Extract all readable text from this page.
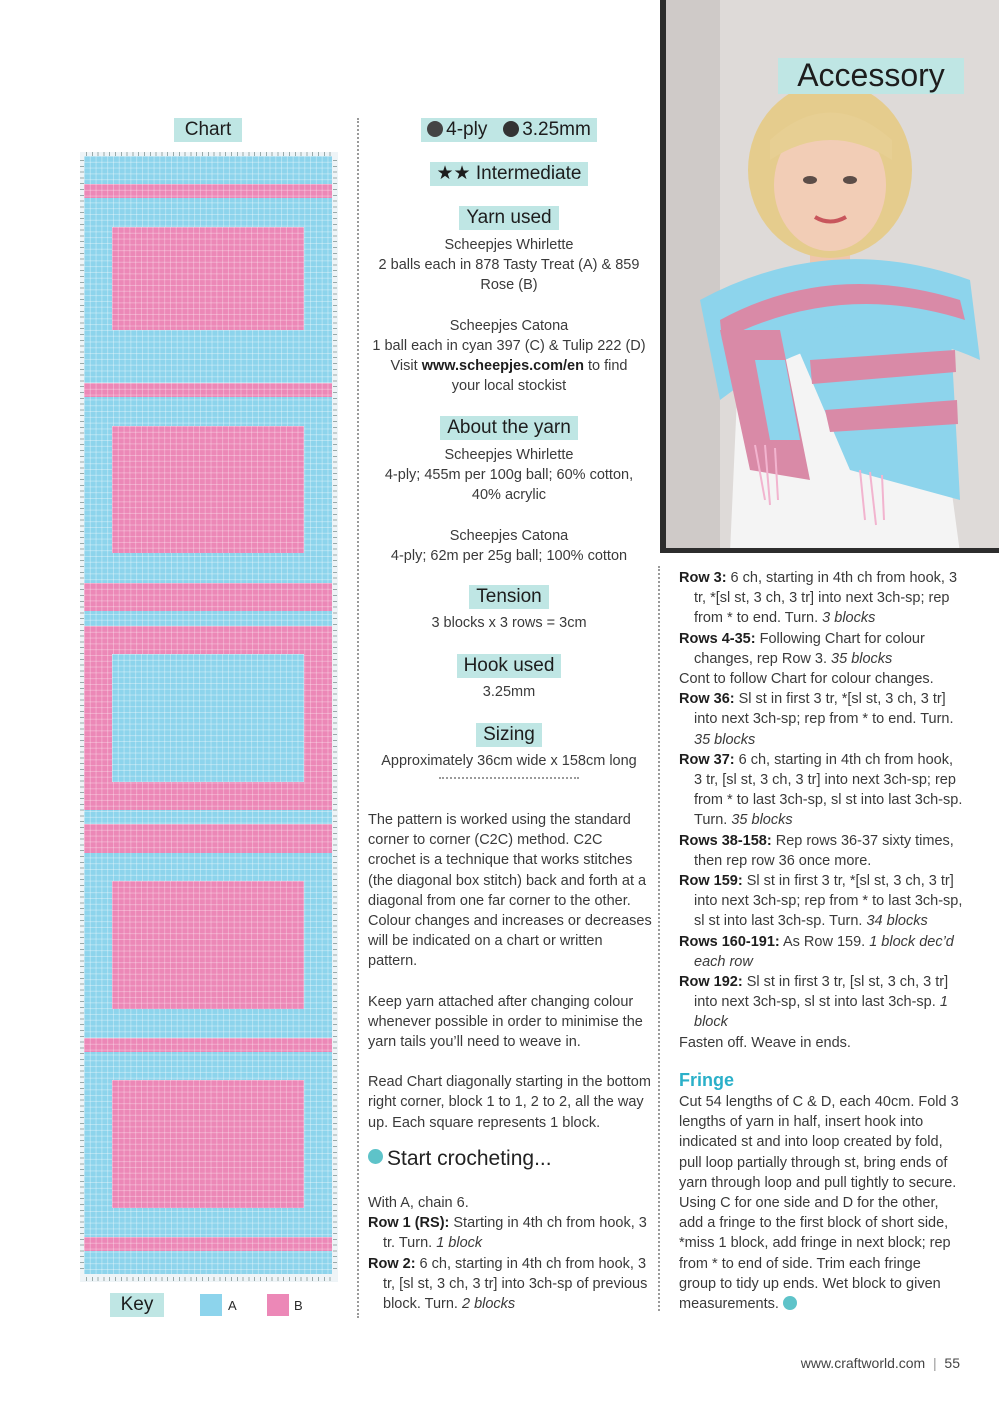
Chart
Key	A	B
4-ply 3.25mm
★★ Intermediate
Yarn used
Scheepjes Whirlette
2 balls each in 878 Tasty Treat (A) & 859
Rose (B)
Scheepjes Catona
1 ball each in cyan 397 (C) & Tulip 222 (D)
Visit www.scheepjes.com/en to find
your local stockist
About the yarn
Scheepjes Whirlette
4-ply; 455m per 100g ball; 60% cotton,
40% acrylic
Scheepjes Catona
4-ply; 62m per 25g ball; 100% cotton
Tension
3 blocks x 3 rows = 3cm
Hook used
3.25mm
Sizing
Approximately 36cm wide x 158cm long

The pattern is worked using the standard corner to corner (C2C) method. C2C crochet is a technique that works stitches (the diagonal box stitch) back and forth at a diagonal from one far corner to the other. Colour changes and increases or decreases will be indicated on a chart or written pattern.

Keep yarn attached after changing colour whenever possible in order to minimise the yarn tails you’ll need to weave in.

Read Chart diagonally starting in the bottom right corner, block 1 to 1, 2 to 2, all the way up. Each square represents 1 block.

Start crocheting...
With A, chain 6.
Row 1 (RS): Starting in 4th ch from hook, 3 tr. Turn. 1 block
Row 2: 6 ch, starting in 4th ch from hook, 3 tr, [sl st, 3 ch, 3 tr] into 3ch-sp of previous block. Turn. 2 blocks
Accessory
Row 3: 6 ch, starting in 4th ch from hook, 3 tr, *[sl st, 3 ch, 3 tr] into next 3ch-sp; rep from * to end. Turn. 3 blocks
Rows 4-35: Following Chart for colour changes, rep Row 3. 35 blocks
Cont to follow Chart for colour changes.
Row 36: Sl st in first 3 tr, *[sl st, 3 ch, 3 tr] into next 3ch-sp; rep from * to end. Turn. 35 blocks
Row 37: 6 ch, starting in 4th ch from hook, 3 tr, [sl st, 3 ch, 3 tr] into next 3ch-sp; rep from * to last 3ch-sp, sl st into last 3ch-sp. Turn. 35 blocks
Rows 38-158: Rep rows 36-37 sixty times, then rep row 36 once more.
Row 159: Sl st in first 3 tr, *[sl st, 3 ch, 3 tr] into next 3ch-sp; rep from * to last 3ch-sp, sl st into last 3ch-sp. Turn. 34 blocks
Rows 160-191: As Row 159. 1 block dec’d each row
Row 192: Sl st in first 3 tr, [sl st, 3 ch, 3 tr] into next 3ch-sp, sl st into last 3ch-sp. 1 block
Fasten off. Weave in ends.
Fringe
Cut 54 lengths of C & D, each 40cm. Fold 3 lengths of yarn in half, insert hook into indicated st and into loop created by fold, pull loop partially through st, bring ends of yarn through loop and pull tightly to secure. Using C for one side and D for the other, add a fringe to the first block of short side, *miss 1 block, add fringe in next block; rep from * to end of side. Trim each fringe group to tidy up ends. Wet block to given measurements.
www.craftworld.com  |  55
